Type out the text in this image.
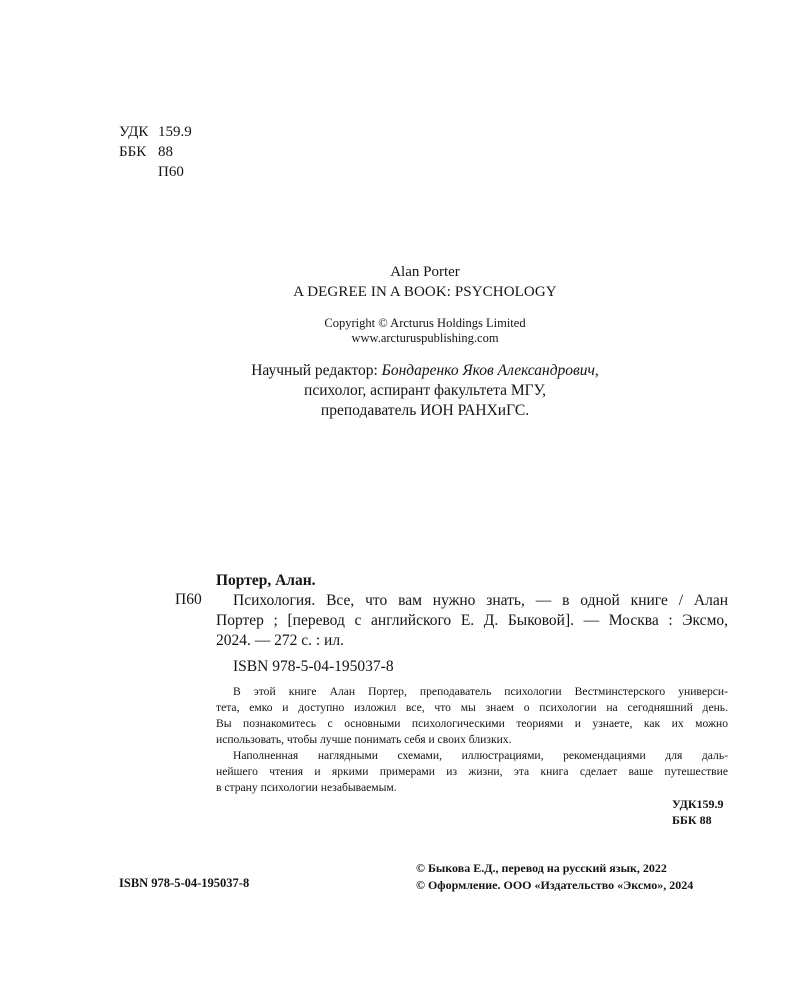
УДК 159.9
ББК 88
П60
Alan Porter
A DEGREE IN A BOOK: PSYCHOLOGY
Copyright © Arcturus Holdings Limited
www.arcturuspublishing.com
Научный редактор: Бондаренко Яков Александрович,
психолог, аспирант факультета МГУ,
преподаватель ИОН РАНХиГС.
Портер, Алан.
П60 Психология. Все, что вам нужно знать, — в одной книге / Алан
Портер ; [перевод с английского Е. Д. Быковой]. — Москва : Эксмо,
2024. — 272 с. : ил.
ISBN 978-5-04-195037-8
В этой книге Алан Портер, преподаватель психологии Вестминстерского универси-
тета, емко и доступно изложил все, что мы знаем о психологии на сегодняшний день.
Вы познакомитесь с основными психологическими теориями и узнаете, как их можно
использовать, чтобы лучше понимать себя и своих близких.
Наполненная наглядными схемами, иллюстрациями, рекомендациями для даль-
нейшего чтения и яркими примерами из жизни, эта книга сделает ваше путешествие
в страну психологии незабываемым.
УДК159.9
ББК 88
ISBN 978-5-04-195037-8
© Быкова Е.Д., перевод на русский язык, 2022
© Оформление. ООО «Издательство «Эксмо», 2024
